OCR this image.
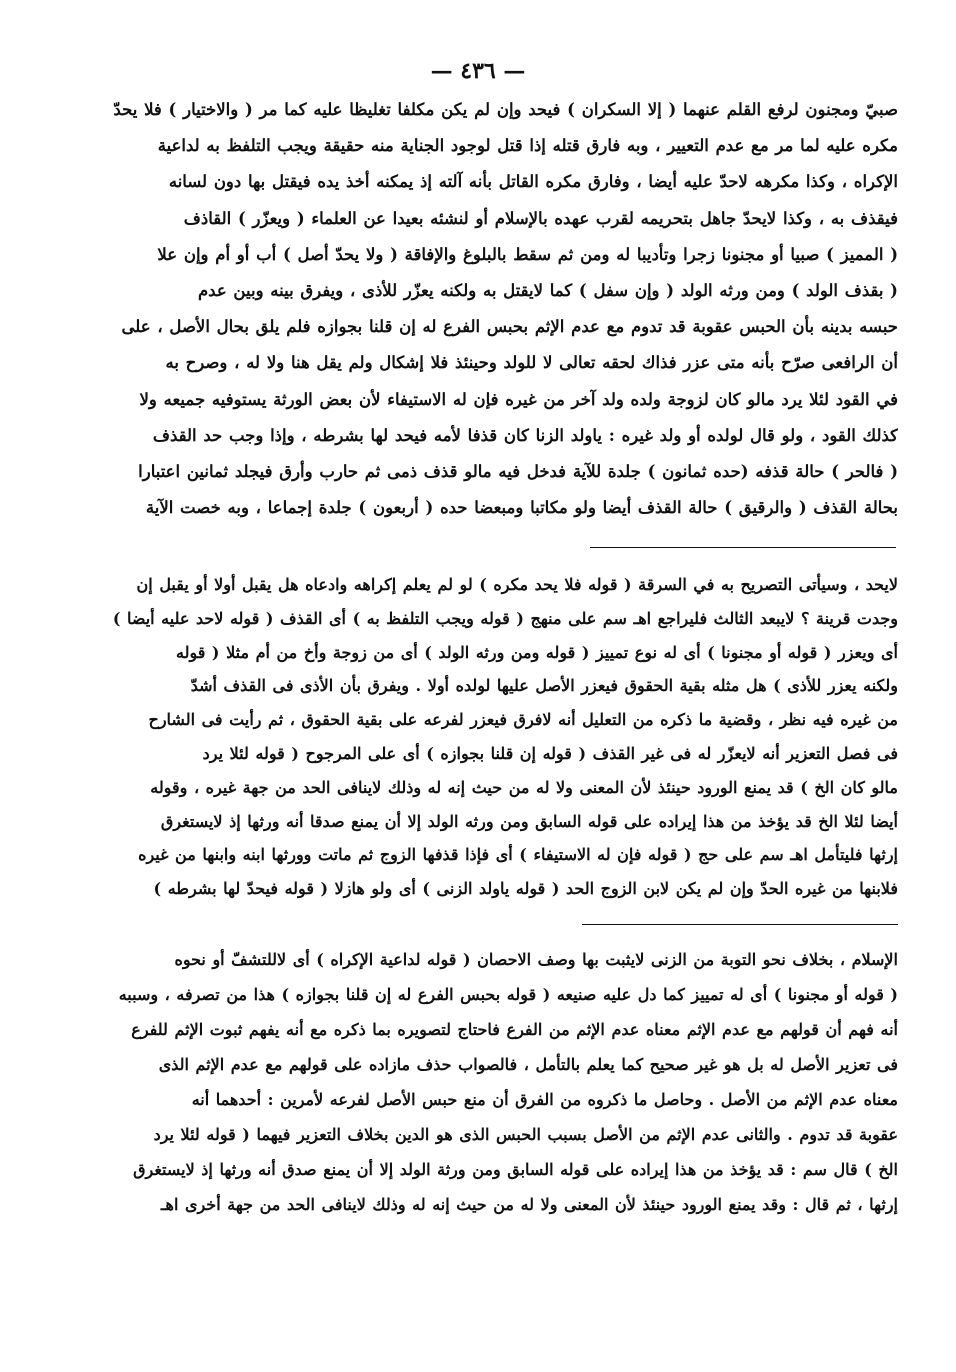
— ٤٣٦ —
صبيّ ومجنون لرفع القلم عنهما ( إلا السكران ) فيحد وإن لم يكن مكلفا تغليظا عليه كما مر ( والاختيار ) فلا يحدّ
مكره عليه لما مر مع عدم التعيير ، وبه فارق قتله إذا قتل لوجود الجناية منه حقيقة ويجب التلفظ به لداعية
الإكراه ، وكذا مكرهه لاحدّ عليه أيضا ، وفارق مكره القاتل بأنه آلته إذ يمكنه أخذ يده فيقتل بها دون لسانه
فيقذف به ، وكذا لايحدّ جاهل بتحريمه لقرب عهده بالإسلام أو لنشئه بعيدا عن العلماء ( ويعزّر ) القاذف
( المميز ) صبيا أو مجنونا زجرا وتأديبا له ومن ثم سقط بالبلوغ والإفاقة ( ولا يحدّ أصل ) أب أو أم وإن علا
( بقذف الولد ) ومن ورثه الولد ( وإن سفل ) كما لايقتل به ولكنه يعزّر للأذى ، ويفرق بينه وبين عدم
حبسه بدينه بأن الحبس عقوبة قد تدوم مع عدم الإثم بحبس الفرع له إن قلنا بجوازه فلم يلق بحال الأصل ، على
أن الرافعى صرّح بأنه متى عزر فذاك لحقه تعالى لا للولد وحينئذ فلا إشكال ولم يقل هنا ولا له ، وصرح به
في القود لئلا يرد مالو كان لزوجة ولده ولد آخر من غيره فإن له الاستيفاء لأن بعض الورثة يستوفيه جميعه ولا
كذلك القود ، ولو قال لولده أو ولد غيره : ياولد الزنا كان قذفا لأمه فيحد لها بشرطه ، وإذا وجب حد القذف
( فالحر ) حالة قذفه (حده ثمانون ) جلدة للآية فدخل فيه مالو قذف ذمى ثم حارب وأرق فيجلد ثمانين اعتبارا
بحالة القذف ( والرقيق ) حالة القذف أيضا ولو مكاتبا ومبعضا حده ( أربعون ) جلدة إجماعا ، وبه خصت الآية
لايحد ، وسيأتى التصريح به في السرقة ( قوله فلا يحد مكره ) لو لم يعلم إكراهه وادعاه هل يقبل أولا أو يقبل إن
وجدت قرينة ؟ لايبعد الثالث فليراجع اهـ سم على منهج ( قوله ويجب التلفظ به ) أى القذف ( قوله لاحد عليه أيضا )
أى ويعزر ( قوله أو مجنونا ) أى له نوع تمييز ( قوله ومن ورثه الولد ) أى من زوجة وأخ من أم مثلا ( قوله
ولكنه يعزر للأذى ) هل مثله بقية الحقوق فيعزر الأصل عليها لولده أولا . ويفرق بأن الأذى فى القذف أشدّ
من غيره فيه نظر ، وقضية ما ذكره من التعليل أنه لافرق فيعزر لفرعه على بقية الحقوق ، ثم رأيت فى الشارح
فى فصل التعزير أنه لايعزّر له فى غير القذف ( قوله إن قلنا بجوازه ) أى على المرجوح ( قوله لئلا يرد
مالو كان الخ ) قد يمنع الورود حينئذ لأن المعنى ولا له من حيث إنه له وذلك لاينافى الحد من جهة غيره ، وقوله
أيضا لئلا الخ قد يؤخذ من هذا إيراده على قوله السابق ومن ورثه الولد إلا أن يمنع صدقا أنه ورثها إذ لايستغرق
إرثها فليتأمل اهـ سم على حج ( قوله فإن له الاستيفاء ) أى فإذا قذفها الزوج ثم ماتت وورثها ابنه وابنها من غيره
فلابنها من غيره الحدّ وإن لم يكن لابن الزوج الحد ( قوله ياولد الزنى ) أى ولو هازلا ( قوله فيحدّ لها بشرطه )
الإسلام ، بخلاف نحو التوبة من الزنى لايثبت بها وصف الاحصان ( قوله لداعية الإكراه ) أى لاللتشفّ أو نحوه
( قوله أو مجنونا ) أى له تمييز كما دل عليه صنيعه ( قوله بحبس الفرع له إن قلنا بجوازه ) هذا من تصرفه ، وسببه
أنه فهم أن قولهم مع عدم الإثم معناه عدم الإثم من الفرع فاحتاج لتصويره بما ذكره مع أنه يفهم ثبوت الإثم للفرع
فى تعزير الأصل له بل هو غير صحيح كما يعلم بالتأمل ، فالصواب حذف مازاده على قولهم مع عدم الإثم الذى
معناه عدم الإثم من الأصل . وحاصل ما ذكروه من الفرق أن منع حبس الأصل لفرعه لأمرين : أحدهما أنه
عقوبة قد تدوم . والثانى عدم الإثم من الأصل بسبب الحبس الذى هو الدين بخلاف التعزير فيهما ( قوله لئلا يرد
الخ ) قال سم : قد يؤخذ من هذا إيراده على قوله السابق ومن ورثة الولد إلا أن يمنع صدق أنه ورثها إذ لايستغرق
إرثها ، ثم قال : وقد يمنع الورود حينئذ لأن المعنى ولا له من حيث إنه له وذلك لاينافى الحد من جهة أخرى اهـ
